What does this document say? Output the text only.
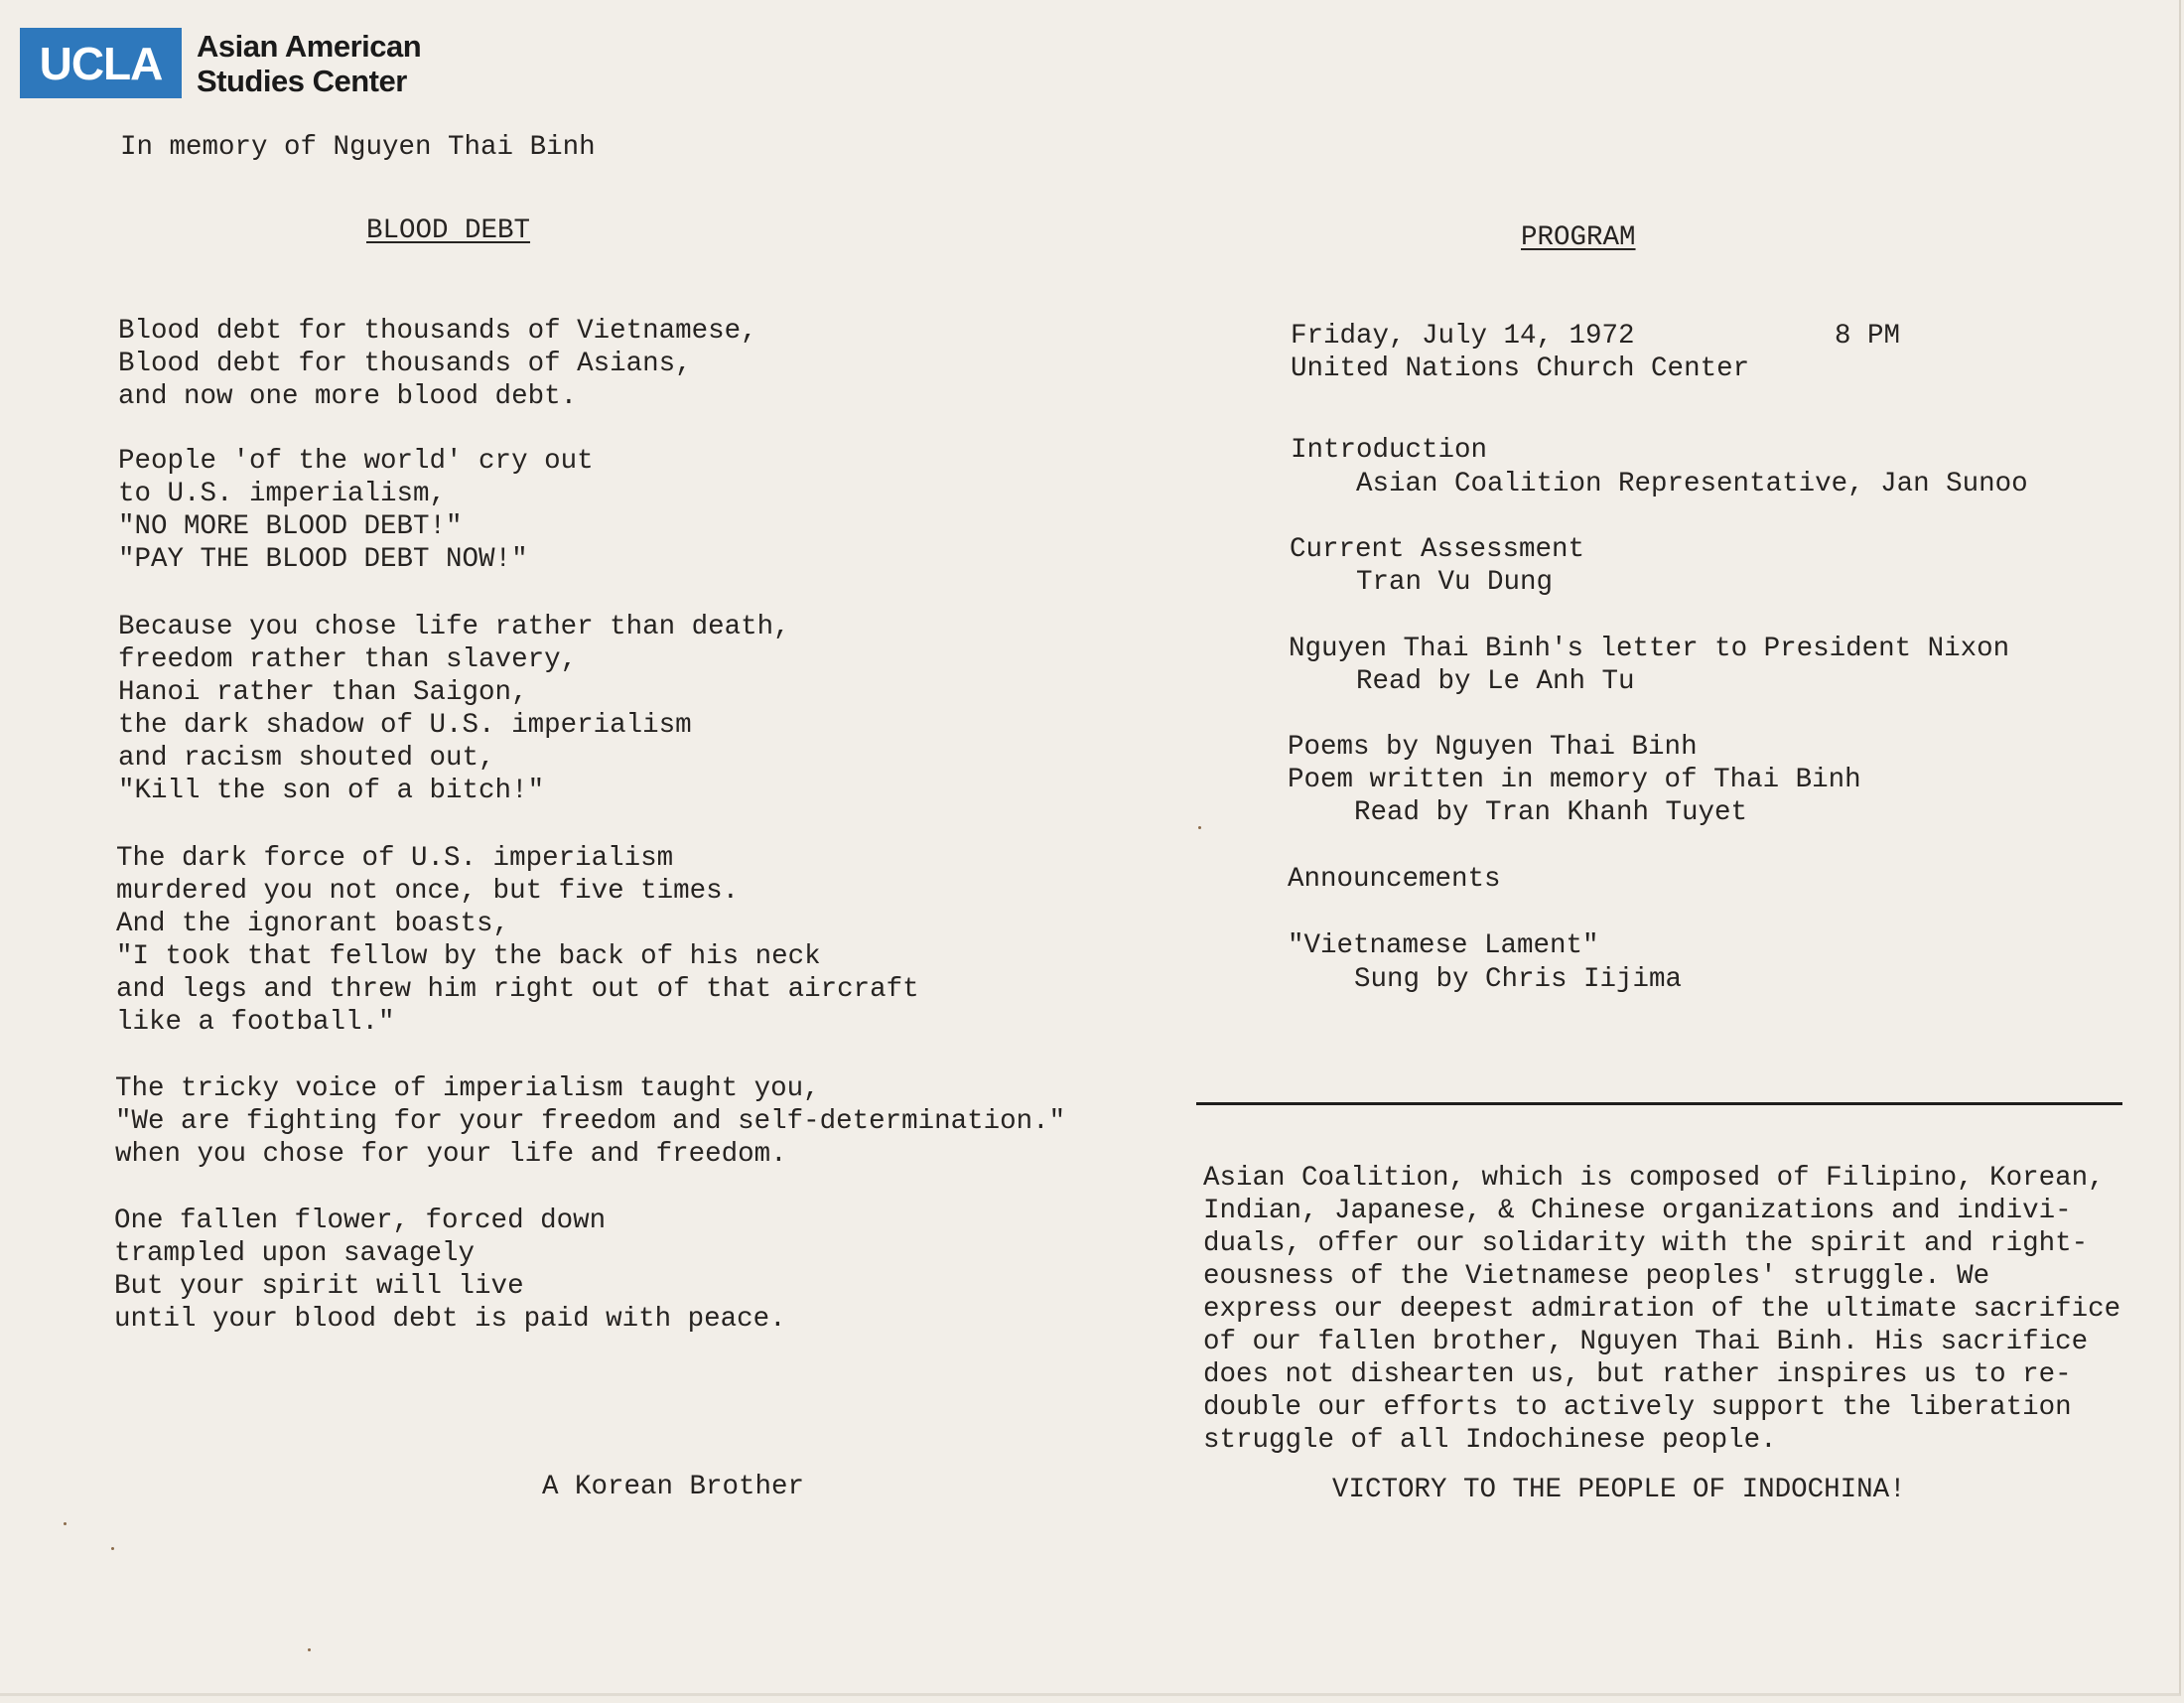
UCLA	Asian American
Studies Center
In memory of Nguyen Thai Binh
BLOOD DEBT
Blood debt for thousands of Vietnamese,
Blood debt for thousands of Asians,
and now one more blood debt.
People 'of the world' cry out
to U.S. imperialism,
"NO MORE BLOOD DEBT!"
"PAY THE BLOOD DEBT NOW!"
Because you chose life rather than death,
freedom rather than slavery,
Hanoi rather than Saigon,
the dark shadow of U.S. imperialism
and racism shouted out,
"Kill the son of a bitch!"
The dark force of U.S. imperialism
murdered you not once, but five times.
And the ignorant boasts,
"I took that fellow by the back of his neck
and legs and threw him right out of that aircraft
like a football."
The tricky voice of imperialism taught you,
"We are fighting for your freedom and self-determination."
when you chose for your life and freedom.
One fallen flower, forced down
trampled upon savagely
But your spirit will live
until your blood debt is paid with peace.
A Korean Brother
PROGRAM
Friday, July 14, 1972	8 PM
United Nations Church Center
Introduction
Asian Coalition Representative, Jan Sunoo
Current Assessment
Tran Vu Dung
Nguyen Thai Binh's letter to President Nixon
Read by Le Anh Tu
Poems by Nguyen Thai Binh
Poem written in memory of Thai Binh
Read by Tran Khanh Tuyet
Announcements
"Vietnamese Lament"
Sung by Chris Iijima
Asian Coalition, which is composed of Filipino, Korean,
Indian, Japanese, & Chinese organizations and indivi-
duals, offer our solidarity with the spirit and right-
eousness of the Vietnamese peoples' struggle. We
express our deepest admiration of the ultimate sacrifice
of our fallen brother, Nguyen Thai Binh. His sacrifice
does not dishearten us, but rather inspires us to re-
double our efforts to actively support the liberation
struggle of all Indochinese people.
VICTORY TO THE PEOPLE OF INDOCHINA!
